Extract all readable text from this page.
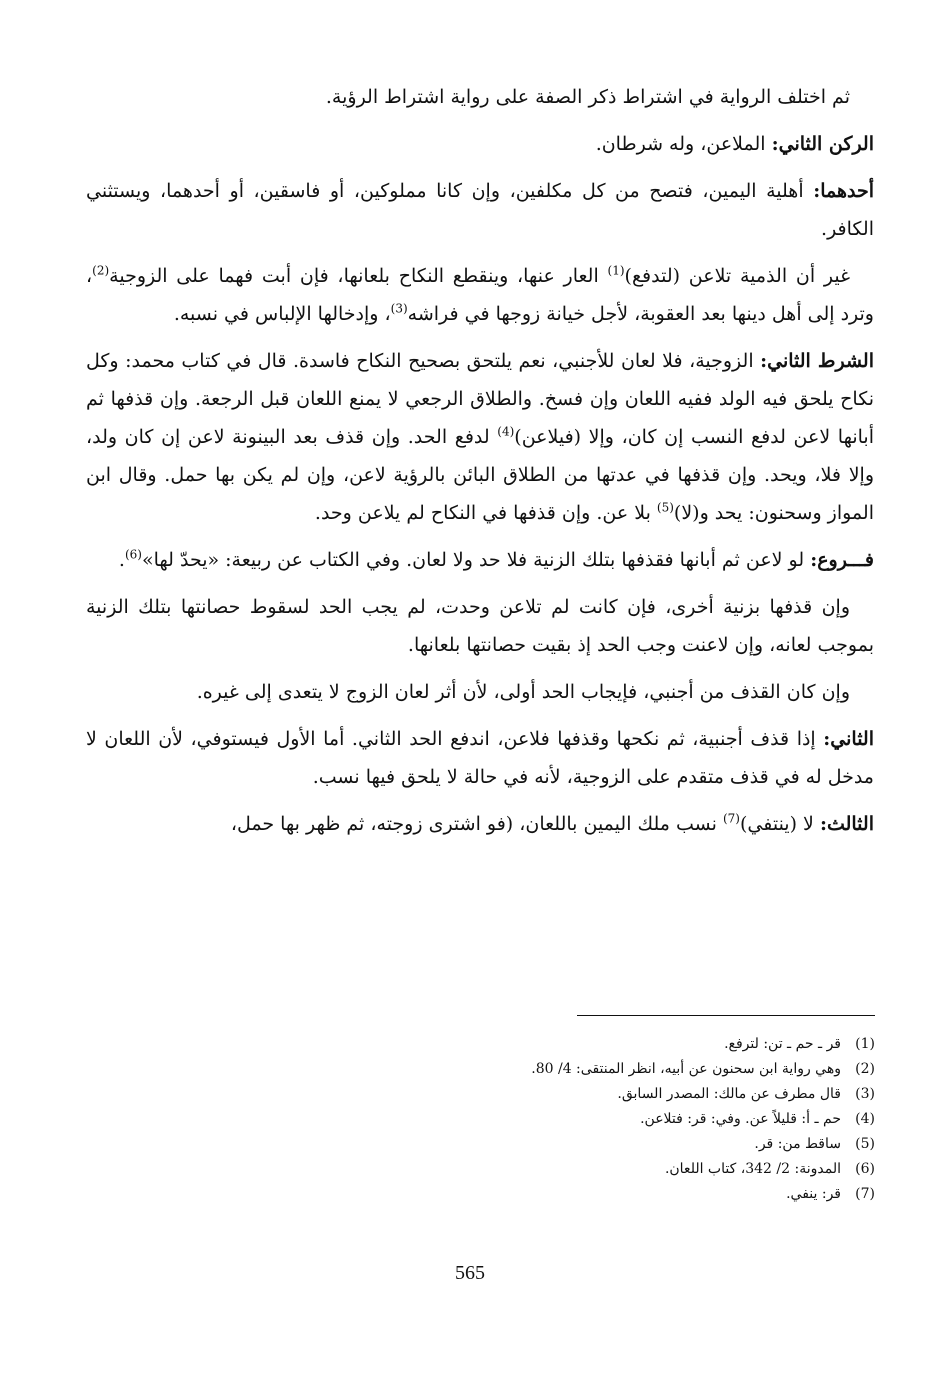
ثم اختلف الرواية في اشتراط ذكر الصفة على رواية اشتراط الرؤية.

الركن الثاني: الملاعن، وله شرطان.

أحدهما: أهلية اليمين، فتصح من كل مكلفين، وإن كانا مملوكين، أو فاسقين، أو أحدهما، ويستثني الكافر.

غير أن الذمية تلاعن (لتدفع)$^{(1)}$ العار عنها، وينقطع النكاح بلعانها، فإن أبت فهما على الزوجية$^{(2)}$، وترد إلى أهل دينها بعد العقوبة، لأجل خيانة زوجها في فراشه$^{(3)}$، وإدخالها الإلباس في نسبه.

الشرط الثاني: الزوجية، فلا لعان للأجنبي، نعم يلتحق بصحيح النكاح فاسدة. قال في كتاب محمد: وكل نكاح يلحق فيه الولد ففيه اللعان وإن فسخ. والطلاق الرجعي لا يمنع اللعان قبل الرجعة. وإن قذفها ثم أبانها لاعن لدفع النسب إن كان، وإلا (فيلاعن)$^{(4)}$ لدفع الحد. وإن قذف بعد البينونة لاعن إن كان ولد، وإلا فلا، ويحد. وإن قذفها في عدتها من الطلاق البائن بالرؤية لاعن، وإن لم يكن بها حمل. وقال ابن المواز وسحنون: يحد و(لا)$^{(5)}$ بلا عن. وإن قذفها في النكاح لم يلاعن وحد.

فـــروع: لو لاعن ثم أبانها فقذفها بتلك الزنية فلا حد ولا لعان. وفي الكتاب عن ربيعة: «يحدّ لها»$^{(6)}$.

وإن قذفها بزنية أخرى، فإن كانت لم تلاعن وحدت، لم يجب الحد لسقوط حصانتها بتلك الزنية بموجب لعانه، وإن لاعنت وجب الحد إذ بقيت حصانتها بلعانها.

وإن كان القذف من أجنبي، فإيجاب الحد أولى، لأن أثر لعان الزوج لا يتعدى إلى غيره.

الثاني: إذا قذف أجنبية، ثم نكحها وقذفها فلاعن، اندفع الحد الثاني. أما الأول فيستوفي، لأن اللعان لا مدخل له في قذف متقدم على الزوجية، لأنه في حالة لا يلحق فيها نسب.

الثالث: لا (ينتفي)$^{(7)}$ نسب ملك اليمين باللعان، (فو اشترى زوجته، ثم ظهر بها حمل،

(1)قر ـ حم ـ تن: لترفع.
(2)وهي رواية ابن سحنون عن أبيه، انظر المنتقى: 4/ 80.
(3)قال مطرف عن مالك: المصدر السابق.
(4)حم ـ أ: قليلاً عن. وفي: قر: فتلاعن.
(5)ساقط من: قر.
(6)المدونة: 2/ 342، كتاب اللعان.
(7)قر: ينفي.
565
